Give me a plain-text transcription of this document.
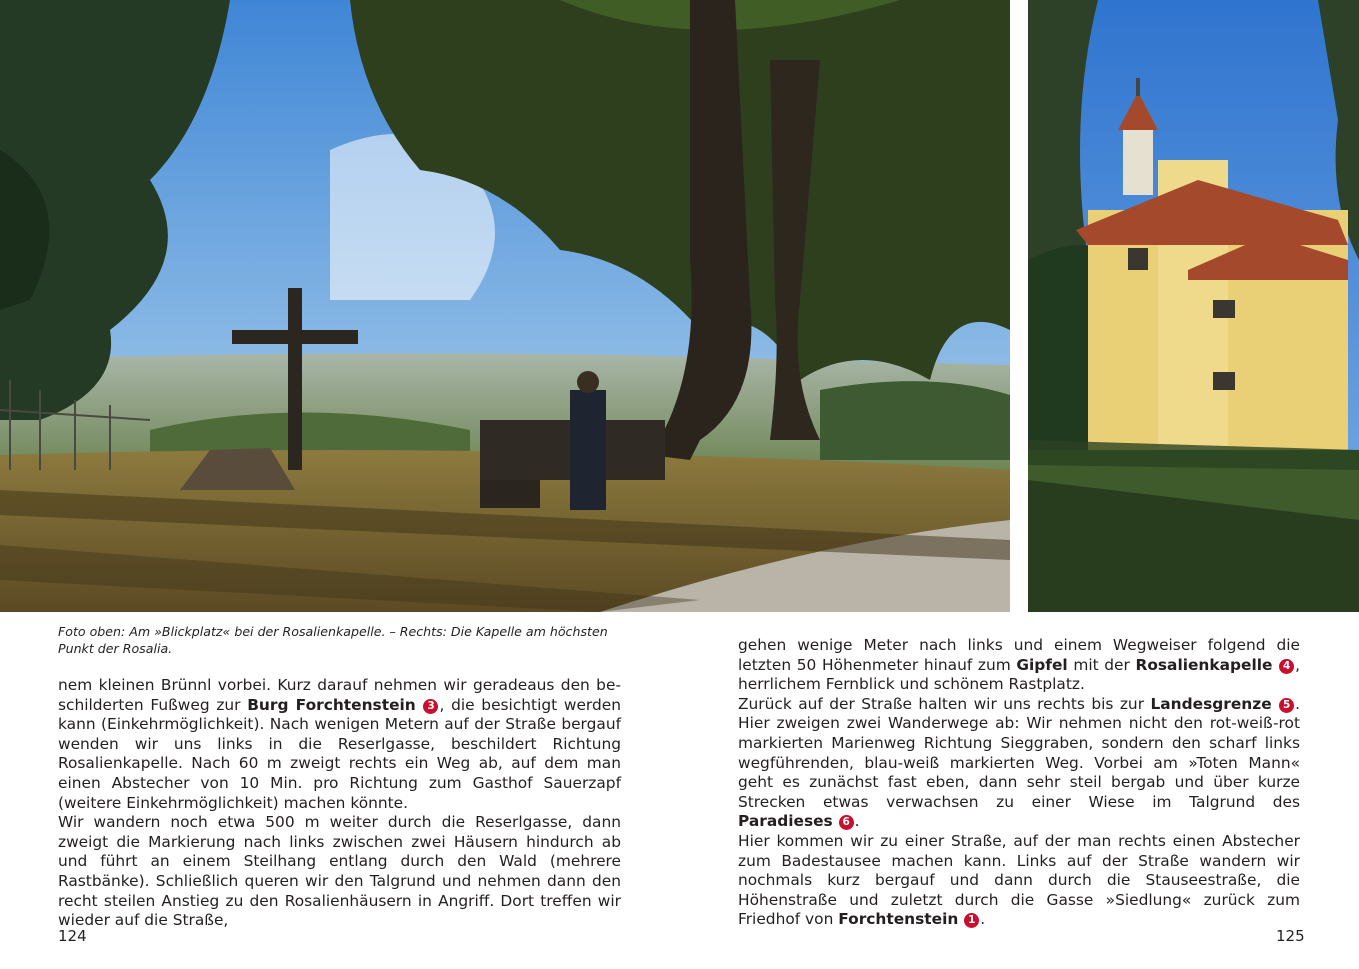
Foto oben: Am »Blickplatz« bei der Rosalienkapelle. – Rechts: Die Kapelle am höchsten
Punkt der Rosalia.

nem kleinen Brünnl vorbei. Kurz darauf nehmen wir geradeaus den beschilderten Fußweg zur Burg Forchtenstein 3 , die besichtigt werden kann (Einkehrmöglichkeit). Nach wenigen Metern auf der Straße bergauf wenden wir uns links in die Reserlgasse, beschildert Richtung Rosalienkapelle. Nach 60 m zweigt rechts ein Weg ab, auf dem man einen Abstecher von 10 Min. pro Richtung zum Gasthof Sauerzapf (weitere Einkehrmöglichkeit) machen könnte.

Wir wandern noch etwa 500 m weiter durch die Reserlgasse, dann zweigt die Markierung nach links zwischen zwei Häusern hindurch ab und führt an einem Steilhang entlang durch den Wald (mehrere Rastbänke). Schließlich queren wir den Talgrund und nehmen dann den recht steilen Anstieg zu den Rosalienhäusern in Angriff. Dort treffen wir wieder auf die Straße,

gehen wenige Meter nach links und einem Wegweiser folgend die letzten 50 Höhenmeter hinauf zum Gipfel mit der Rosalienkapelle 4 , herrlichem Fernblick und schönem Rastplatz.

Zurück auf der Straße halten wir uns rechts bis zur Landesgrenze 5 . Hier zweigen zwei Wanderwege ab: Wir nehmen nicht den rot-weiß-rot markierten Marienweg Richtung Sieggraben, sondern den scharf links wegführenden, blau-weiß markierten Weg. Vorbei am »Toten Mann« geht es zunächst fast eben, dann sehr steil bergab und über kurze Strecken etwas verwachsen zu einer Wiese im Talgrund des Paradieses 6 .

Hier kommen wir zu einer Straße, auf der man rechts einen Abstecher zum Badestausee machen kann. Links auf der Straße wandern wir nochmals kurz bergauf und dann durch die Stauseestraße, die Höhenstraße und zuletzt durch die Gasse »Siedlung« zurück zum Friedhof von Forchtenstein 1 .

124	125
